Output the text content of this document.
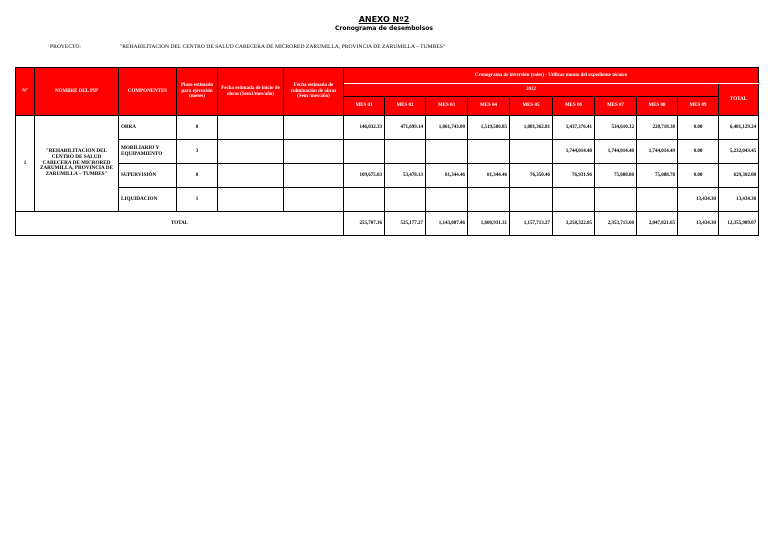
ANEXO Nº2
Cronograma de desembolsos
PROYECTO:	"REHABILITACION DEL CENTRO DE SALUD CABECERA DE MICRORED ZARUMILLA, PROVINCIA DE ZARUMILLA – TUMBES"
N°	NOMBRE DEL PIP	COMPONENTES	Plazo estimado para ejecución (meses)	Fecha estimada de inicio de obras (Sem1/mes/año)	Fecha estimada de culminación de obras (Sem /mes/año)	Cronograma de inversión (soles) - Utilizar monto del expediente técnico									
						2022									TOTAL
						MES 01	MES 02	MES 03	MES 04	MES 05	MES 06	MES 07	MES 08	MES 09	
1	"REHABILITACION DEL CENTRO DE SALUD CABECERA DE MICRORED ZARUMILLA, PROVINCIA DE ZARUMILLA – TUMBES"	OBRA	8			146,032.33	471,699.14	1,061,743.00	1,519,586.85	1,081,362.81	1,437,376.41	534,610.32	228,718.38	0.00	6,481,129.24
		MOBILIARIO Y EQUIPAMIENTO	3								1,744,014.48	1,744,014.48	1,744,014.49	0.00	5,232,043.45
		SUPERVISIÓN	8			109,675.03	53,478.13	81,344.46	81,344.46	76,350.46	76,931.96	75,088.80	75,088.78	0.00	629,302.08
		LIQUIDACION	1											13,434.30	13,434.30
TOTAL						255,707.36	525,177.27	1,143,087.46	1,600,931.31	1,157,713.27	3,258,322.85	2,353,713.60	2,047,821.65	13,434.30	12,355,909.07
